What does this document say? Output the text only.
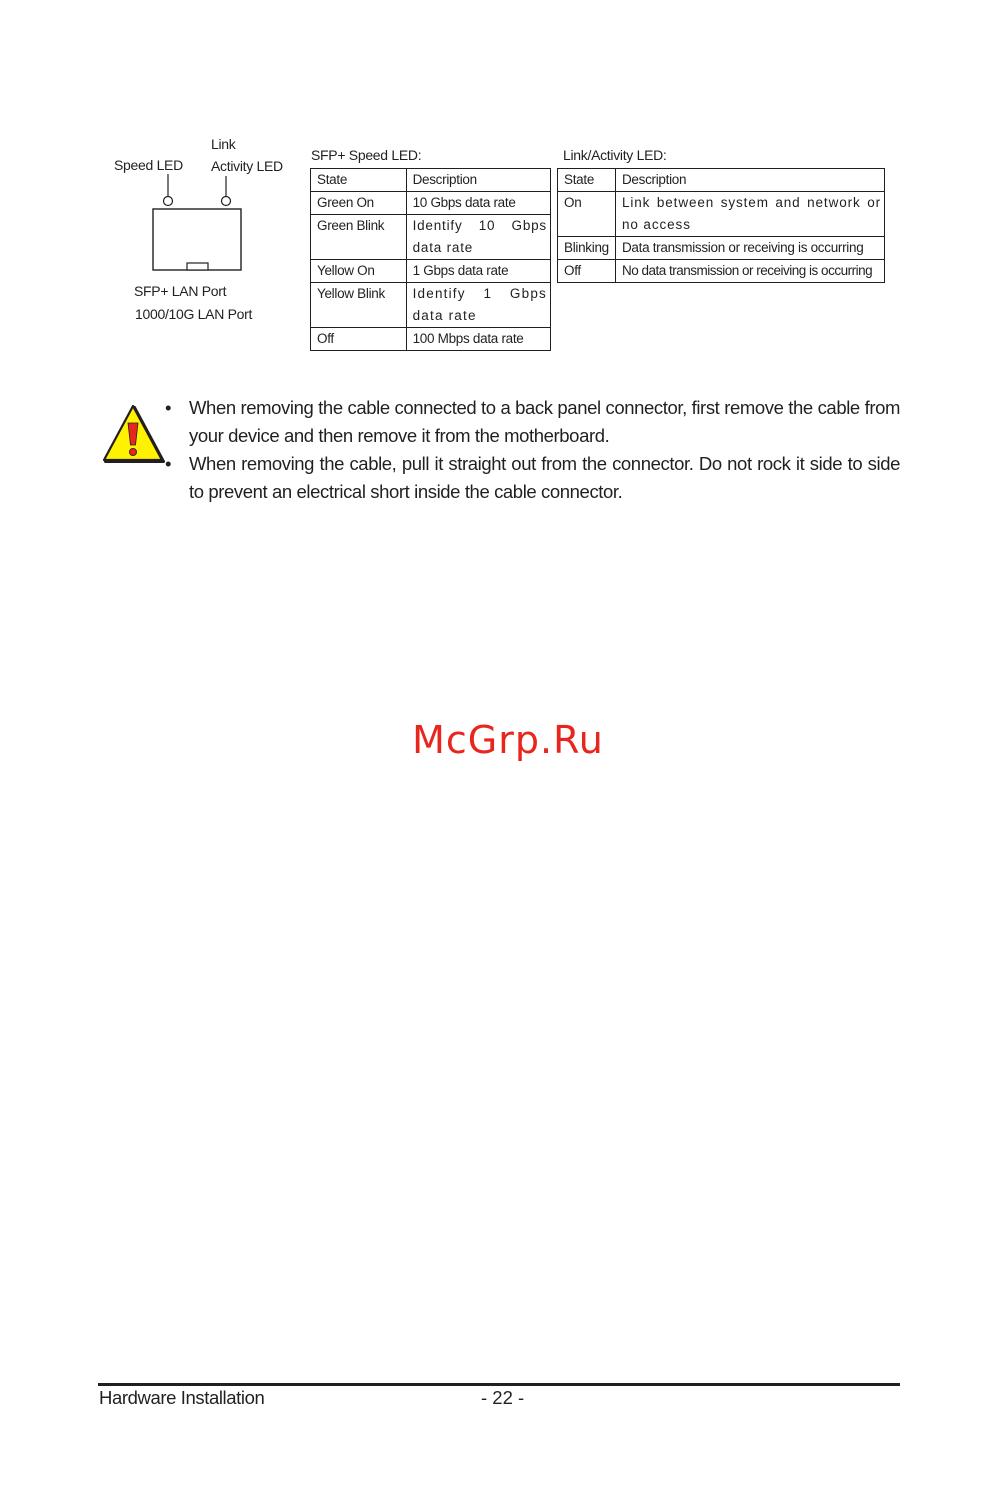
Speed LED
Link
Activity LED
SFP+ LAN Port
1000/10G LAN Port
SFP+ Speed LED:
State	Description
Green On	10 Gbps data rate
Green Blink	Identify 10 Gbps data rate
Yellow On	1 Gbps data rate
Yellow Blink	Identify 1 Gbps data rate
Off	100 Mbps data rate
Link/Activity LED:
State	Description
On	Link between system and network or no access
Blinking	Data transmission or receiving is occurring
Off	No data transmission or receiving is occurring
• When removing the cable connected to a back panel connector, first remove the cable from your device and then remove it from the motherboard.
• When removing the cable, pull it straight out from the connector. Do not rock it side to side to prevent an electrical short inside the cable connector.
McGrp.Ru
Hardware Installation	- 22 -
